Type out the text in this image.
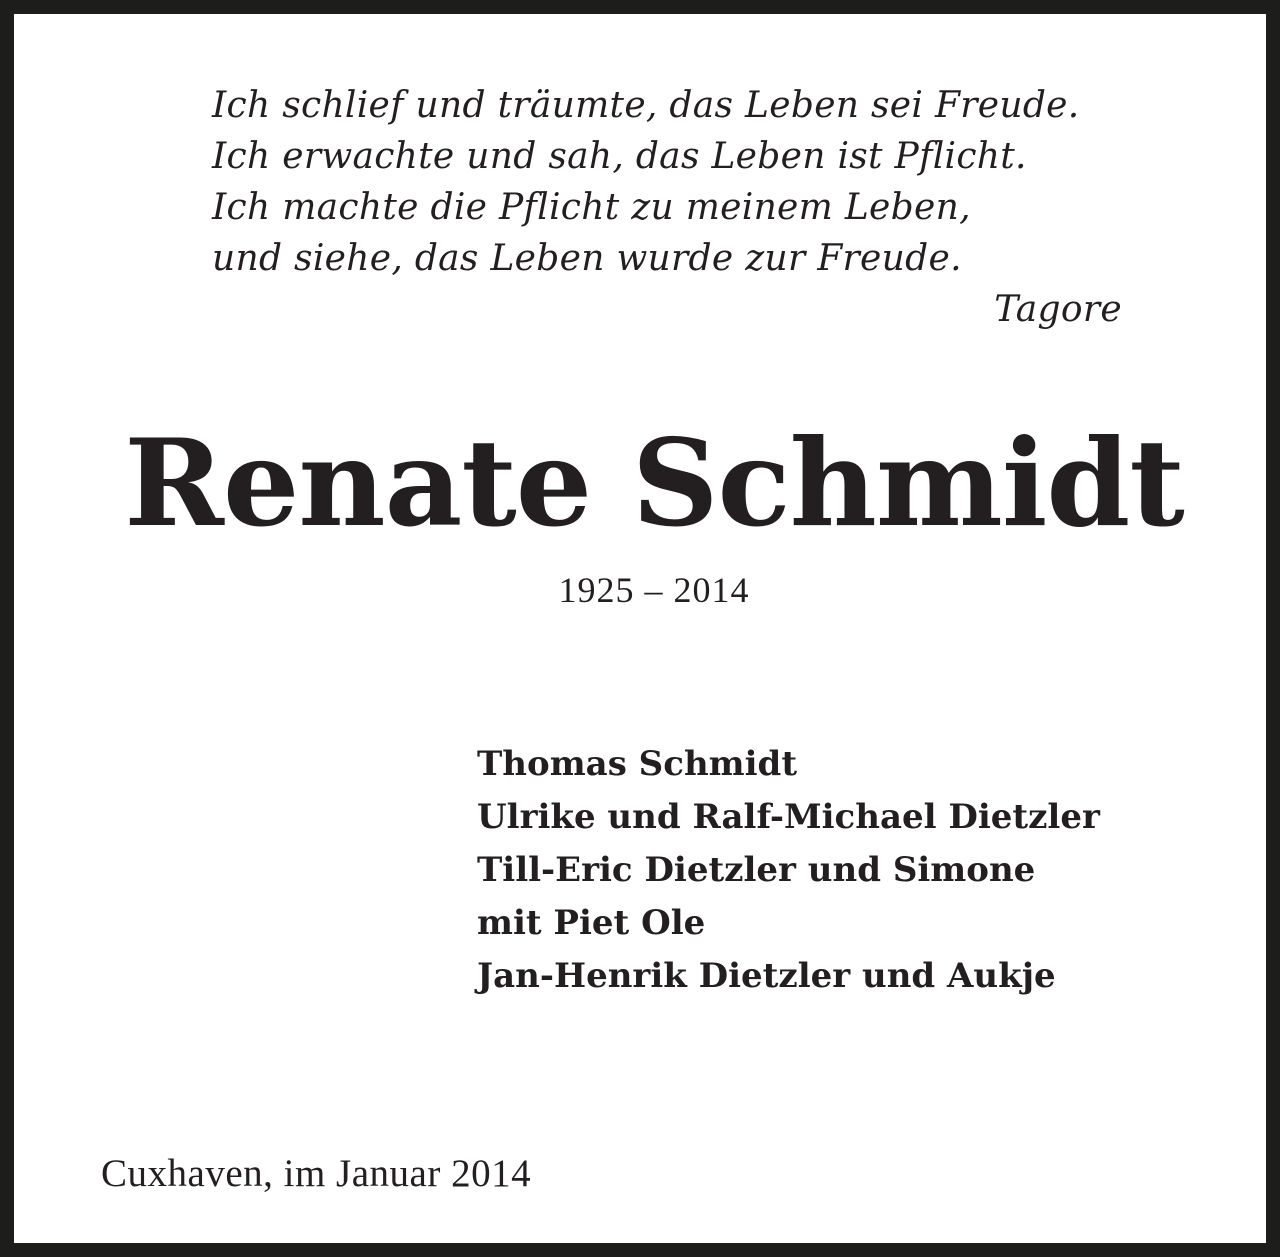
Ich schlief und träumte, das Leben sei Freude.
Ich erwachte und sah, das Leben ist Pflicht.
Ich machte die Pflicht zu meinem Leben,
und siehe, das Leben wurde zur Freude.
Tagore
Renate Schmidt
1925 – 2014
Thomas Schmidt
Ulrike und Ralf-Michael Dietzler
Till-Eric Dietzler und Simone
mit Piet Ole
Jan-Henrik Dietzler und Aukje
Cuxhaven, im Januar 2014
